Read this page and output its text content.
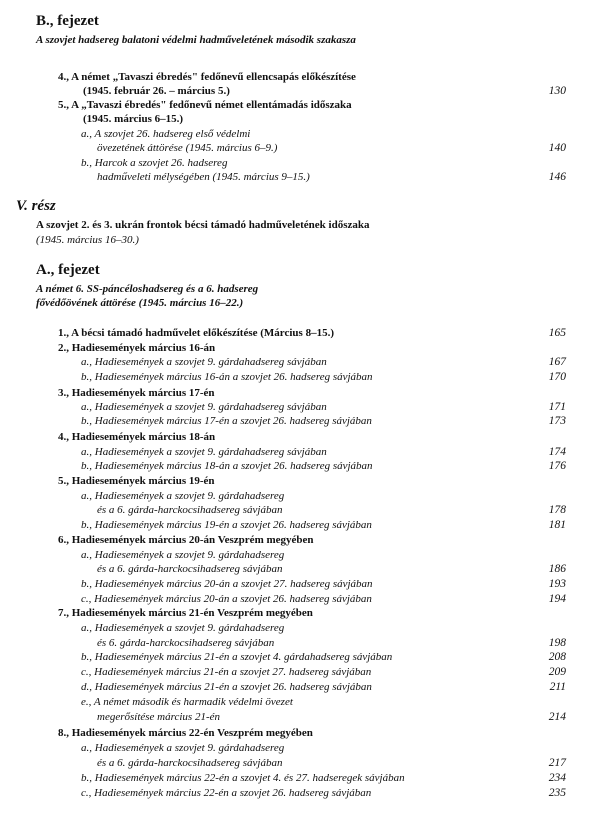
B., fejezet
A szovjet hadsereg balatoni védelmi hadműveletének második szakasza
4., A német „Tavaszi ébredés" fedőnevű ellencsapás előkészítése
(1945. február 26. – március 5.)	130
5., A „Tavaszi ébredés" fedőnevű német ellentámadás időszaka
(1945. március 6–15.)
a., A szovjet 26. hadsereg első védelmi
övezetének áttörése (1945. március 6–9.)	140
b., Harcok a szovjet 26. hadsereg
hadműveleti mélységében (1945. március 9–15.)	146
V. rész
A szovjet 2. és 3. ukrán frontok bécsi támadó hadműveletének időszaka
(1945. március 16–30.)
A., fejezet
A német 6. SS-páncéloshadsereg és a 6. hadsereg
fővédőövének áttörése (1945. március 16–22.)
1., A bécsi támadó hadművelet előkészítése (Március 8–15.)	165
2., Hadiesemények március 16-án
a., Hadiesemények a szovjet 9. gárdahadsereg sávjában	167
b., Hadiesemények március 16-án a szovjet 26. hadsereg sávjában	170
3., Hadiesemények március 17-én
a., Hadiesemények a szovjet 9. gárdahadsereg sávjában	171
b., Hadiesemények március 17-én a szovjet 26. hadsereg sávjában	173
4., Hadiesemények március 18-án
a., Hadiesemények a szovjet 9. gárdahadsereg sávjában	174
b., Hadiesemények március 18-án a szovjet 26. hadsereg sávjában	176
5., Hadiesemények március 19-én
a., Hadiesemények a szovjet 9. gárdahadsereg
és a 6. gárda-harckocsihadsereg sávjában	178
b., Hadiesemények március 19-én a szovjet 26. hadsereg sávjában	181
6., Hadiesemények március 20-án Veszprém megyében
a., Hadiesemények a szovjet 9. gárdahadsereg
és a 6. gárda-harckocsihadsereg sávjában	186
b., Hadiesemények március 20-án a szovjet 27. hadsereg sávjában	193
c., Hadiesemények március 20-án a szovjet 26. hadsereg sávjában	194
7., Hadiesemények március 21-én Veszprém megyében
a., Hadiesemények a szovjet 9. gárdahadsereg
és 6. gárda-harckocsihadsereg sávjában	198
b., Hadiesemények március 21-én a szovjet 4. gárdahadsereg sávjában	208
c., Hadiesemények március 21-én a szovjet 27. hadsereg sávjában	209
d., Hadiesemények március 21-én a szovjet 26. hadsereg sávjában	211
e., A német második és harmadik védelmi övezet
megerősítése március 21-én	214
8., Hadiesemények március 22-én Veszprém megyében
a., Hadiesemények a szovjet 9. gárdahadsereg
és a 6. gárda-harckocsihadsereg sávjában	217
b., Hadiesemények március 22-én a szovjet 4. és 27. hadseregek sávjában	234
c., Hadiesemények március 22-én a szovjet 26. hadsereg sávjában	235
